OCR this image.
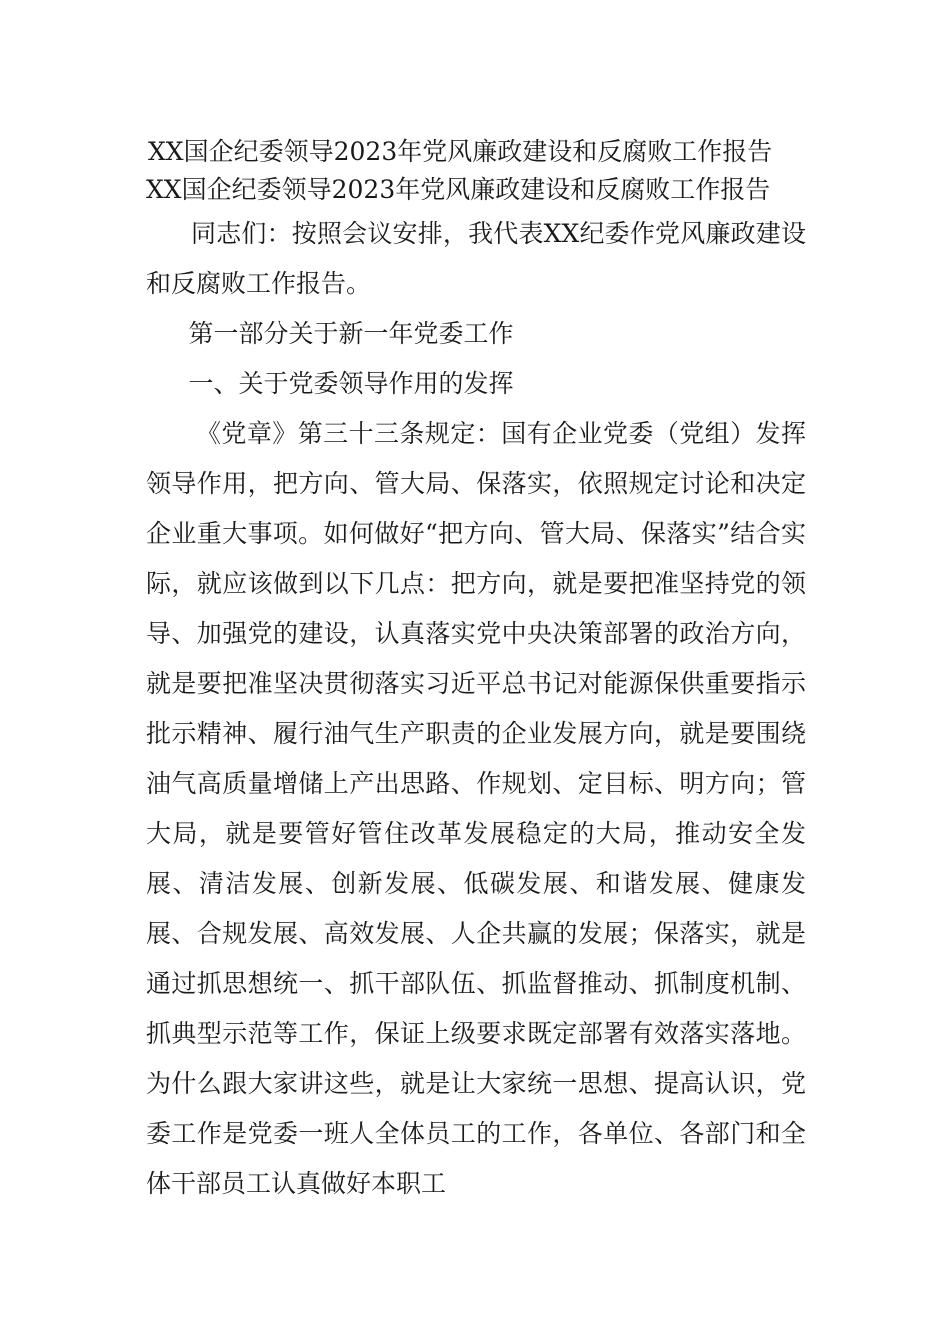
XX国企纪委领导2023年党风廉政建设和反腐败工作报告
XX国企纪委领导2023年党风廉政建设和反腐败工作报告

同志们：按照会议安排，我代表XX纪委作党风廉政建设和反腐败工作报告。

第一部分关于新一年党委工作

一、关于党委领导作用的发挥

《党章》第三十三条规定：国有企业党委（党组）发挥领导作用，把方向、管大局、保落实，依照规定讨论和决定企业重大事项。如何做好“把方向、管大局、保落实”结合实际，就应该做到以下几点：把方向，就是要把准坚持党的领导、加强党的建设，认真落实党中央决策部署的政治方向，就是要把准坚决贯彻落实习近平总书记对能源保供重要指示批示精神、履行油气生产职责的企业发展方向，就是要围绕油气高质量增储上产出思路、作规划、定目标、明方向；管大局，就是要管好管住改革发展稳定的大局，推动安全发展、清洁发展、创新发展、低碳发展、和谐发展、健康发展、合规发展、高效发展、人企共赢的发展；保落实，就是通过抓思想统一、抓干部队伍、抓监督推动、抓制度机制、抓典型示范等工作，保证上级要求既定部署有效落实落地。为什么跟大家讲这些，就是让大家统一思想、提高认识，党委工作是党委一班人全体员工的工作，各单位、各部门和全体干部员工认真做好本职工
